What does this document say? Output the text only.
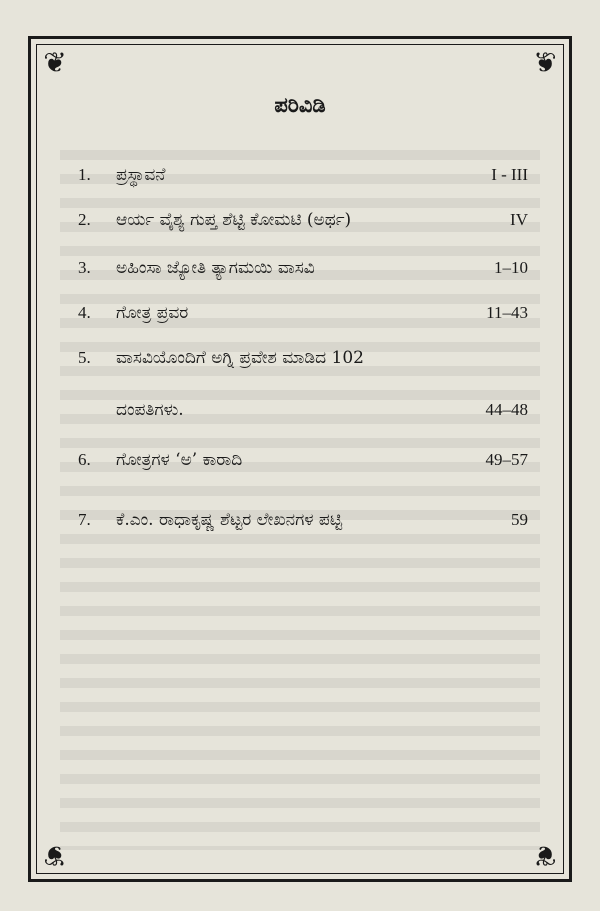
❦	❦
❦	❦
ಪರಿವಿಡಿ
1. ಪ್ರಸ್ಥಾವನೆ	I - III
2. ಆರ್ಯ ವೈಶ್ಯ ಗುಪ್ತ ಶೆಟ್ಟಿ ಕೋಮಟಿ (ಅರ್ಥ)	IV
3. ಅಹಿಂಸಾ ಜ್ಯೋತಿ ತ್ಯಾಗಮಯಿ ವಾಸವಿ	1–10
4. ಗೋತ್ರ ಪ್ರವರ	11–43
5. ವಾಸವಿಯೊಂದಿಗೆ ಅಗ್ನಿ ಪ್ರವೇಶ ಮಾಡಿದ 102
ದಂಪತಿಗಳು.	44–48
6. ಗೋತ್ರಗಳ ‘ಅ’ ಕಾರಾದಿ	49–57
7. ಕೆ.ಎಂ. ರಾಧಾಕೃಷ್ಣ ಶೆಟ್ಟರ ಲೇಖನಗಳ ಪಟ್ಟಿ	59
